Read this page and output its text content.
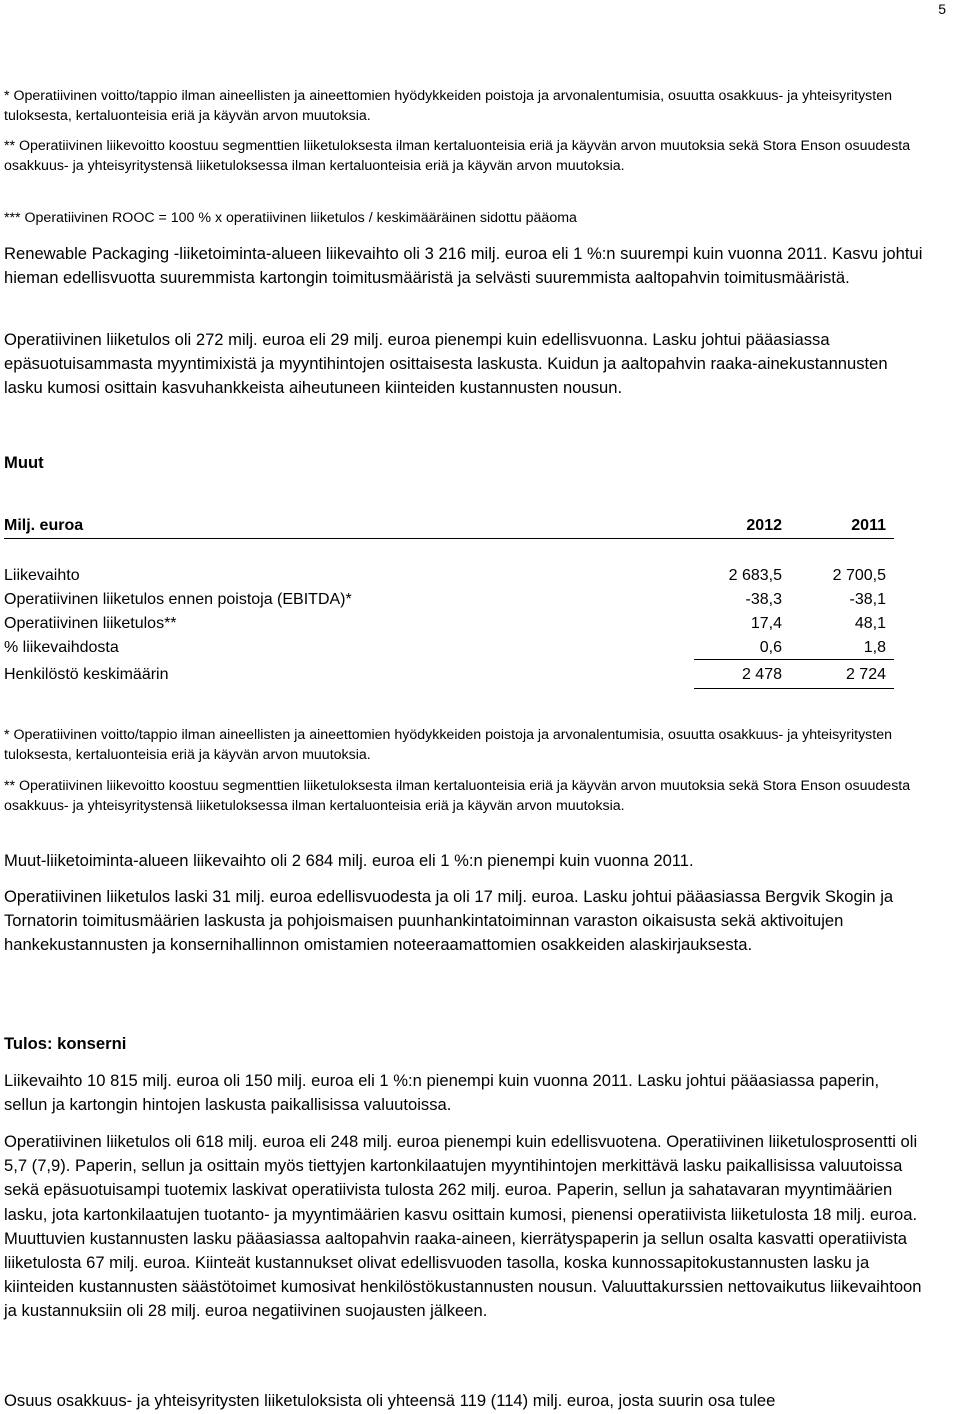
5

* Operatiivinen voitto/tappio ilman aineellisten ja aineettomien hyödykkeiden poistoja ja arvonalentumisia, osuutta osakkuus- ja yhteisyritysten tuloksesta, kertaluonteisia eriä ja käyvän arvon muutoksia.

** Operatiivinen liikevoitto koostuu segmenttien liiketuloksesta ilman kertaluonteisia eriä ja käyvän arvon muutoksia sekä Stora Enson osuudesta osakkuus- ja yhteisyritystensä liiketuloksessa ilman kertaluonteisia eriä ja käyvän arvon muutoksia.

*** Operatiivinen ROOC = 100 % x operatiivinen liiketulos / keskimääräinen sidottu pääoma

Renewable Packaging -liiketoiminta-alueen liikevaihto oli 3 216 milj. euroa eli 1 %:n suurempi kuin vuonna 2011. Kasvu johtui hieman edellisvuotta suuremmista kartongin toimitusmääristä ja selvästi suuremmista aaltopahvin toimitusmääristä.

Operatiivinen liiketulos oli 272 milj. euroa eli 29 milj. euroa pienempi kuin edellisvuonna. Lasku johtui pääasiassa epäsuotuisammasta myyntimixistä ja myyntihintojen osittaisesta laskusta. Kuidun ja aaltopahvin raaka-ainekustannusten lasku kumosi osittain kasvuhankkeista aiheutuneen kiinteiden kustannusten nousun.

Muut
Milj. euroa	2012	2011
Liikevaihto	2 683,5	2 700,5
Operatiivinen liiketulos ennen poistoja (EBITDA)*	-38,3	-38,1
Operatiivinen liiketulos**	17,4	48,1
% liikevaihdosta	0,6	1,8
Henkilöstö keskimäärin	2 478	2 724

* Operatiivinen voitto/tappio ilman aineellisten ja aineettomien hyödykkeiden poistoja ja arvonalentumisia, osuutta osakkuus- ja yhteisyritysten tuloksesta, kertaluonteisia eriä ja käyvän arvon muutoksia.

** Operatiivinen liikevoitto koostuu segmenttien liiketuloksesta ilman kertaluonteisia eriä ja käyvän arvon muutoksia sekä Stora Enson osuudesta osakkuus- ja yhteisyritystensä liiketuloksessa ilman kertaluonteisia eriä ja käyvän arvon muutoksia.

Muut-liiketoiminta-alueen liikevaihto oli 2 684 milj. euroa eli 1 %:n pienempi kuin vuonna 2011.

Operatiivinen liiketulos laski 31 milj. euroa edellisvuodesta ja oli 17 milj. euroa. Lasku johtui pääasiassa Bergvik Skogin ja Tornatorin toimitusmäärien laskusta ja pohjoismaisen puunhankintatoiminnan varaston oikaisusta sekä aktivoitujen hankekustannusten ja konsernihallinnon omistamien noteeraamattomien osakkeiden alaskirjauksesta.

Tulos: konserni

Liikevaihto 10 815 milj. euroa oli 150 milj. euroa eli 1 %:n pienempi kuin vuonna 2011. Lasku johtui pääasiassa paperin, sellun ja kartongin hintojen laskusta paikallisissa valuutoissa.

Operatiivinen liiketulos oli 618 milj. euroa eli 248 milj. euroa pienempi kuin edellisvuotena. Operatiivinen liiketulosprosentti oli 5,7 (7,9). Paperin, sellun ja osittain myös tiettyjen kartonkilaatujen myyntihintojen merkittävä lasku paikallisissa valuutoissa sekä epäsuotuisampi tuotemix laskivat operatiivista tulosta 262 milj. euroa. Paperin, sellun ja sahatavaran myyntimäärien lasku, jota kartonkilaatujen tuotanto- ja myyntimäärien kasvu osittain kumosi, pienensi operatiivista liiketulosta 18 milj. euroa. Muuttuvien kustannusten lasku pääasiassa aaltopahvin raaka-aineen, kierrätyspaperin ja sellun osalta kasvatti operatiivista liiketulosta 67 milj. euroa. Kiinteät kustannukset olivat edellisvuoden tasolla, koska kunnossapitokustannusten lasku ja kiinteiden kustannusten säästötoimet kumosivat henkilöstökustannusten nousun. Valuuttakurssien nettovaikutus liikevaihtoon ja kustannuksiin oli 28 milj. euroa negatiivinen suojausten jälkeen.

Osuus osakkuus- ja yhteisyritysten liiketuloksista oli yhteensä 119 (114) milj. euroa, josta suurin osa tulee
